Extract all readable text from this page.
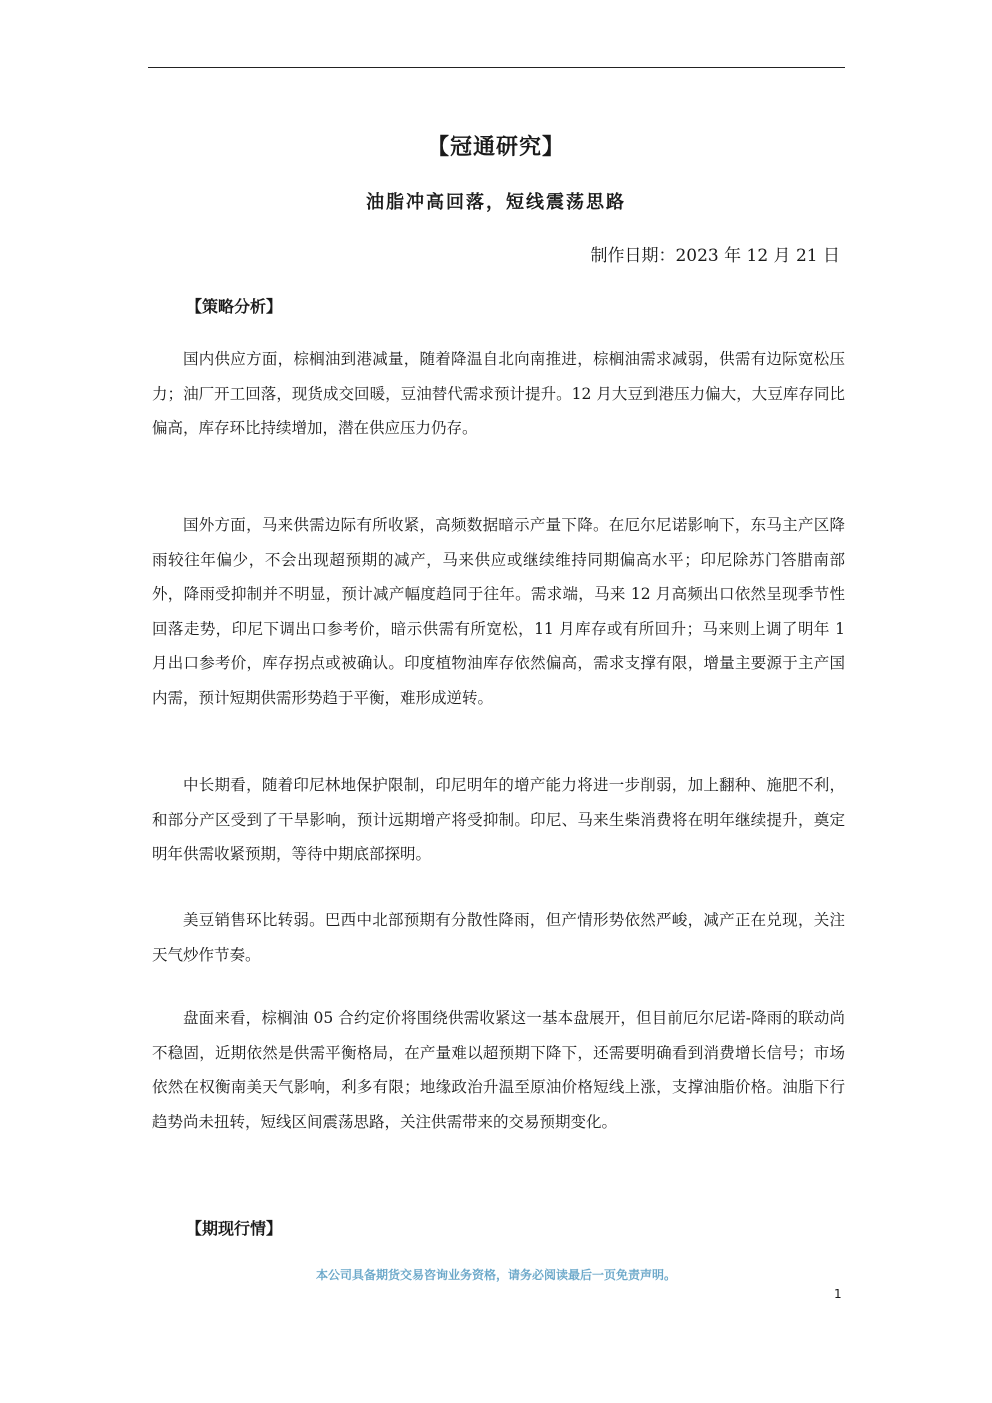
【冠通研究】
油脂冲高回落，短线震荡思路
制作日期：2023 年 12 月 21 日
【策略分析】

国内供应方面，棕榈油到港减量，随着降温自北向南推进，棕榈油需求减弱，供需有边际宽松压力；油厂开工回落，现货成交回暖，豆油替代需求预计提升。12 月大豆到港压力偏大，大豆库存同比偏高，库存环比持续增加，潜在供应压力仍存。

国外方面，马来供需边际有所收紧，高频数据暗示产量下降。在厄尔尼诺影响下，东马主产区降雨较往年偏少，不会出现超预期的减产，马来供应或继续维持同期偏高水平；印尼除苏门答腊南部外，降雨受抑制并不明显，预计减产幅度趋同于往年。需求端，马来 12 月高频出口依然呈现季节性回落走势，印尼下调出口参考价，暗示供需有所宽松，11 月库存或有所回升；马来则上调了明年 1 月出口参考价，库存拐点或被确认。印度植物油库存依然偏高，需求支撑有限，增量主要源于主产国内需，预计短期供需形势趋于平衡，难形成逆转。

中长期看，随着印尼林地保护限制，印尼明年的增产能力将进一步削弱，加上翻种、施肥不利，和部分产区受到了干旱影响，预计远期增产将受抑制。印尼、马来生柴消费将在明年继续提升，奠定明年供需收紧预期，等待中期底部探明。

美豆销售环比转弱。巴西中北部预期有分散性降雨，但产情形势依然严峻，减产正在兑现，关注天气炒作节奏。

盘面来看，棕榈油 05 合约定价将围绕供需收紧这一基本盘展开，但目前厄尔尼诺-降雨的联动尚不稳固，近期依然是供需平衡格局，在产量难以超预期下降下，还需要明确看到消费增长信号；市场依然在权衡南美天气影响，利多有限；地缘政治升温至原油价格短线上涨，支撑油脂价格。油脂下行趋势尚未扭转，短线区间震荡思路，关注供需带来的交易预期变化。

【期现行情】
本公司具备期货交易咨询业务资格，请务必阅读最后一页免责声明。
1
